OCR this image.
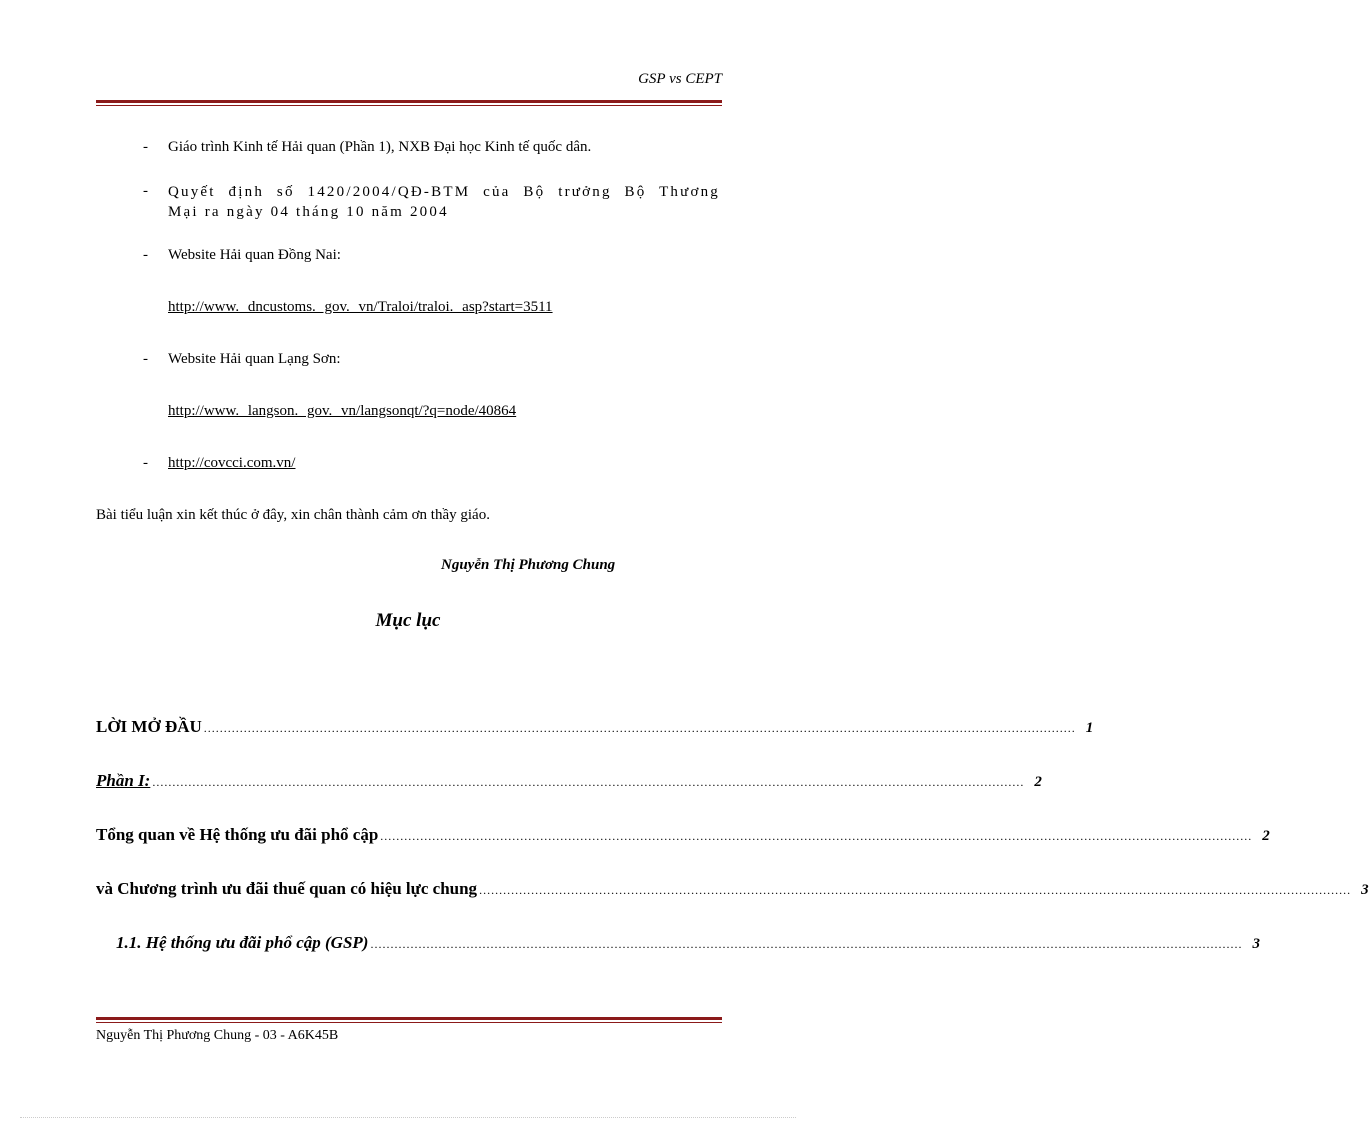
GSP vs CEPT
- Giáo trình Kinh tế Hải quan (Phần 1), NXB Đại học Kinh tế quốc dân.
- Quyết định số 1420/2004/QĐ-BTM của Bộ trưởng Bộ Thương
Mại ra ngày 04 tháng 10 năm 2004
- Website Hải quan Đồng Nai:
http://www. dncustoms. gov. vn/Traloi/traloi. asp?start=3511
- Website Hải quan Lạng Sơn:
http://www. langson. gov. vn/langsonqt/?q=node/40864
- http://covcci.com.vn/
Bài tiểu luận xin kết thúc ở đây, xin chân thành cảm ơn thầy giáo.
Nguyễn Thị Phương Chung
Mục lục
LỜI MỞ ĐẦU .......................................................................................................................................................................................................................... 1
Phần I: .......................................................................................................................................................................................................................... 2
Tổng quan về Hệ thống ưu đãi phổ cập .......................................................................................................................................................................................................................... 2
và Chương trình ưu đãi thuế quan có hiệu lực chung .......................................................................................................................................................................................................................... 3
1.1. Hệ thống ưu đãi phổ cập (GSP) .......................................................................................................................................................................................................................... 3
Nguyễn Thị Phương Chung - 03 - A6K45B
